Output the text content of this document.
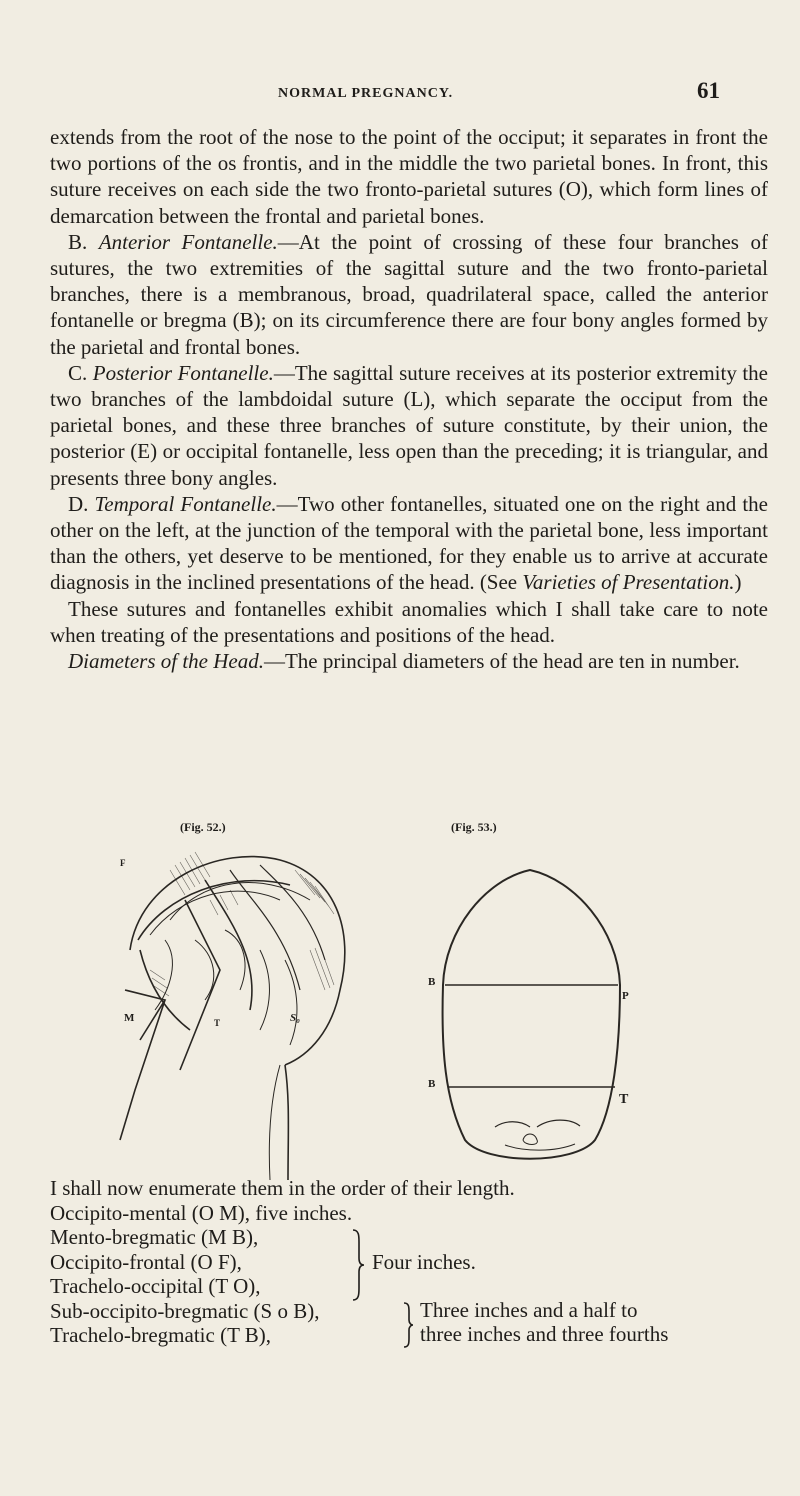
NORMAL PREGNANCY.	61

extends from the root of the nose to the point of the occiput; it separates in front the two portions of the os frontis, and in the middle the two parietal bones. In front, this suture receives on each side the two fronto-parietal sutures (O), which form lines of demarcation between the frontal and parietal bones.

B. Anterior Fontanelle.—At the point of crossing of these four branches of sutures, the two extremities of the sagittal suture and the two fronto-parietal branches, there is a membranous, broad, quadrilateral space, called the anterior fontanelle or bregma (B); on its circumference there are four bony angles formed by the parietal and frontal bones.

C. Posterior Fontanelle.—The sagittal suture receives at its posterior extremity the two branches of the lambdoidal suture (L), which separate the occiput from the parietal bones, and these three branches of suture constitute, by their union, the posterior (E) or occipital fontanelle, less open than the preceding; it is triangular, and presents three bony angles.

D. Temporal Fontanelle.—Two other fontanelles, situated one on the right and the other on the left, at the junction of the temporal with the parietal bone, less important than the others, yet deserve to be mentioned, for they enable us to arrive at accurate diagnosis in the inclined presentations of the head. (See Varieties of Presentation.)

These sutures and fontanelles exhibit anomalies which I shall take care to note when treating of the presentations and positions of the head.

Diameters of the Head.—The principal diameters of the head are ten in number.

(Fig. 52.)	(Fig. 53.)
M	T	S₀
F
B
B
P
T
I shall now enumerate them in the order of their length.
Occipito-mental (O M), five inches.
Mento-bregmatic (M B),
Occipito-frontal (O F),
Trachelo-occipital (T O),
Sub-occipito-bregmatic (S o B),
Trachelo-bregmatic (T B),
Four inches.
Three inches and a half to
three inches and three fourths
